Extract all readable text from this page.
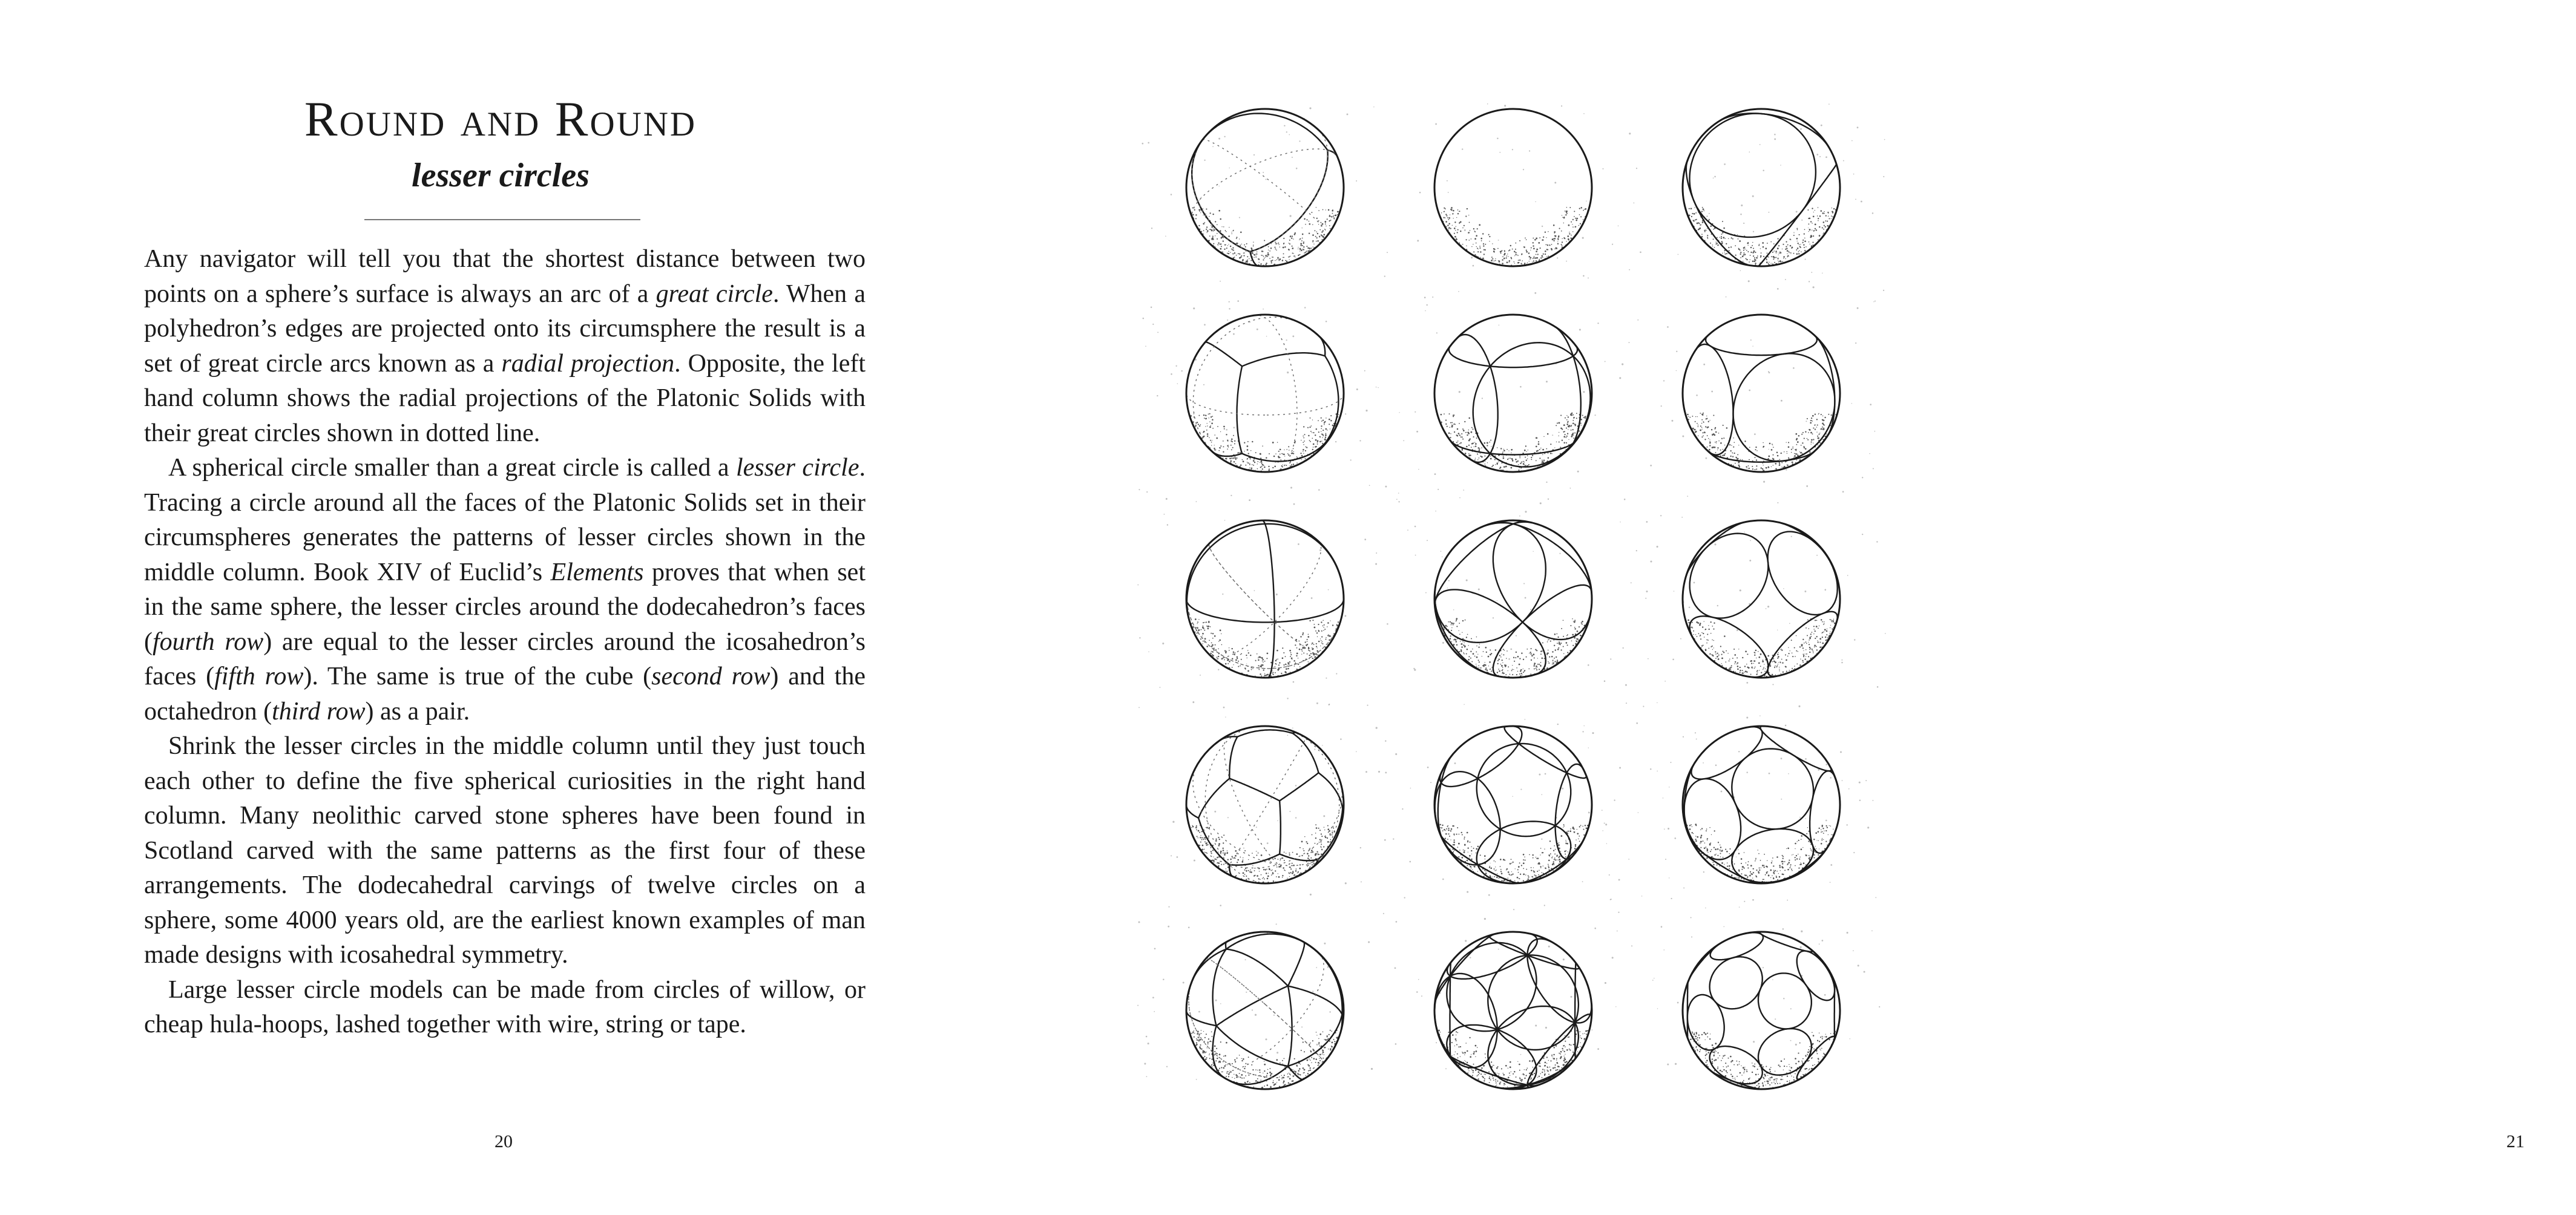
Round and Round
lesser circles

Any navigator will tell you that the shortest distance between two points on a sphere’s surface is always an arc of a great circle. When a polyhedron’s edges are projected onto its circumsphere the result is a set of great circle arcs known as a radial projection. Opposite, the left hand column shows the radial projections of the Platonic Solids with their great circles shown in dotted line.

A spherical circle smaller than a great circle is called a lesser circle. Tracing a circle around all the faces of the Platonic Solids set in their circumspheres generates the patterns of lesser circles shown in the middle column. Book XIV of Euclid’s Elements proves that when set in the same sphere, the lesser circles around the dodecahedron’s faces (fourth row) are equal to the lesser circles around the icosahedron’s faces (fifth row). The same is true of the cube (second row) and the octahedron (third row) as a pair.

Shrink the lesser circles in the middle column until they just touch each other to define the five spherical curiosities in the right hand column. Many neolithic carved stone spheres have been found in Scotland carved with the same patterns as the first four of these arrangements. The dodecahedral carvings of twelve circles on a sphere, some 4000 years old, are the earliest known examples of man made designs with icosahedral symmetry.

Large lesser circle models can be made from circles of willow, or cheap hula-hoops, lashed together with wire, string or tape.

20	21
